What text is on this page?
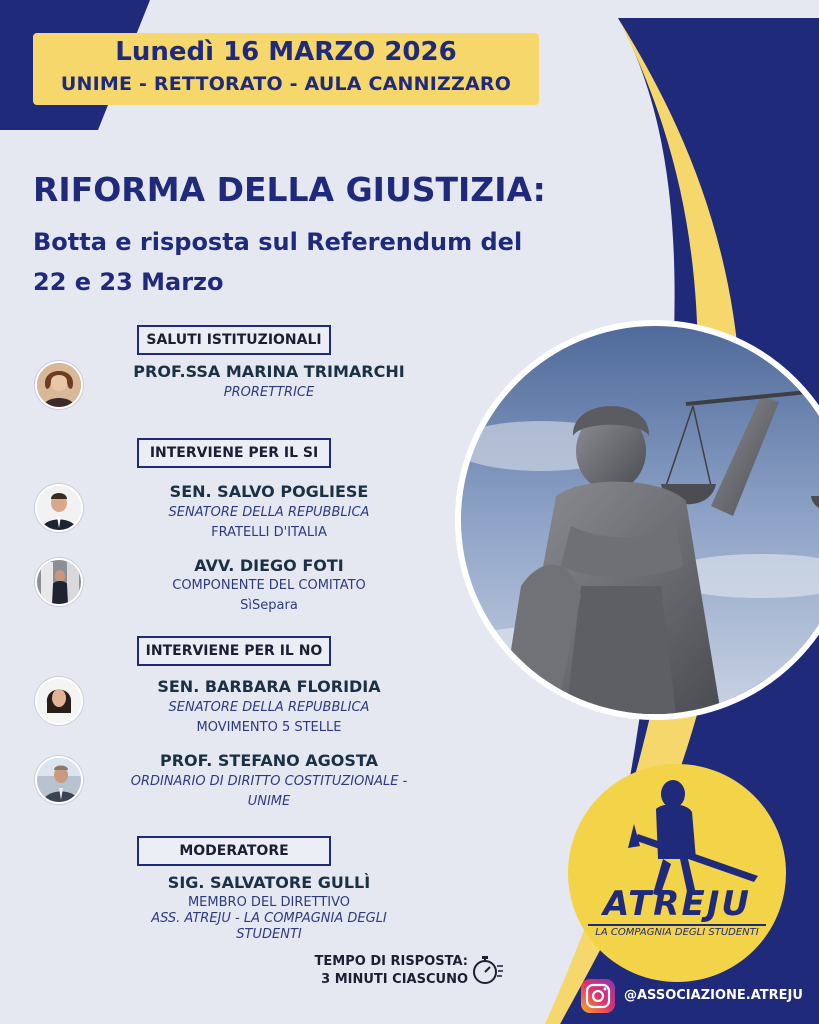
Lunedì 16 MARZO 2026
UNIME - RETTORATO - AULA CANNIZZARO
RIFORMA DELLA GIUSTIZIA:
Botta e risposta sul Referendum del
22 e 23 Marzo
SALUTI ISTITUZIONALI
PROF.SSA MARINA TRIMARCHI
PRORETTRICE
INTERVIENE PER IL SI
SEN. SALVO POGLIESE
SENATORE DELLA REPUBBLICA
FRATELLI D'ITALIA
AVV. DIEGO FOTI
COMPONENTE DEL COMITATO
SìSepara
INTERVIENE PER IL NO
SEN. BARBARA FLORIDIA
SENATORE DELLA REPUBBLICA
MOVIMENTO 5 STELLE
PROF. STEFANO AGOSTA
ORDINARIO DI DIRITTO COSTITUZIONALE -
UNIME
MODERATORE
SIG. SALVATORE GULLÌ
MEMBRO DEL DIRETTIVO
ASS. ATREJU - LA COMPAGNIA DEGLI
STUDENTI
TEMPO DI RISPOSTA:
3 MINUTI CIASCUNO
ATREJU
LA COMPAGNIA DEGLI STUDENTI
@ASSOCIAZIONE.ATREJU
